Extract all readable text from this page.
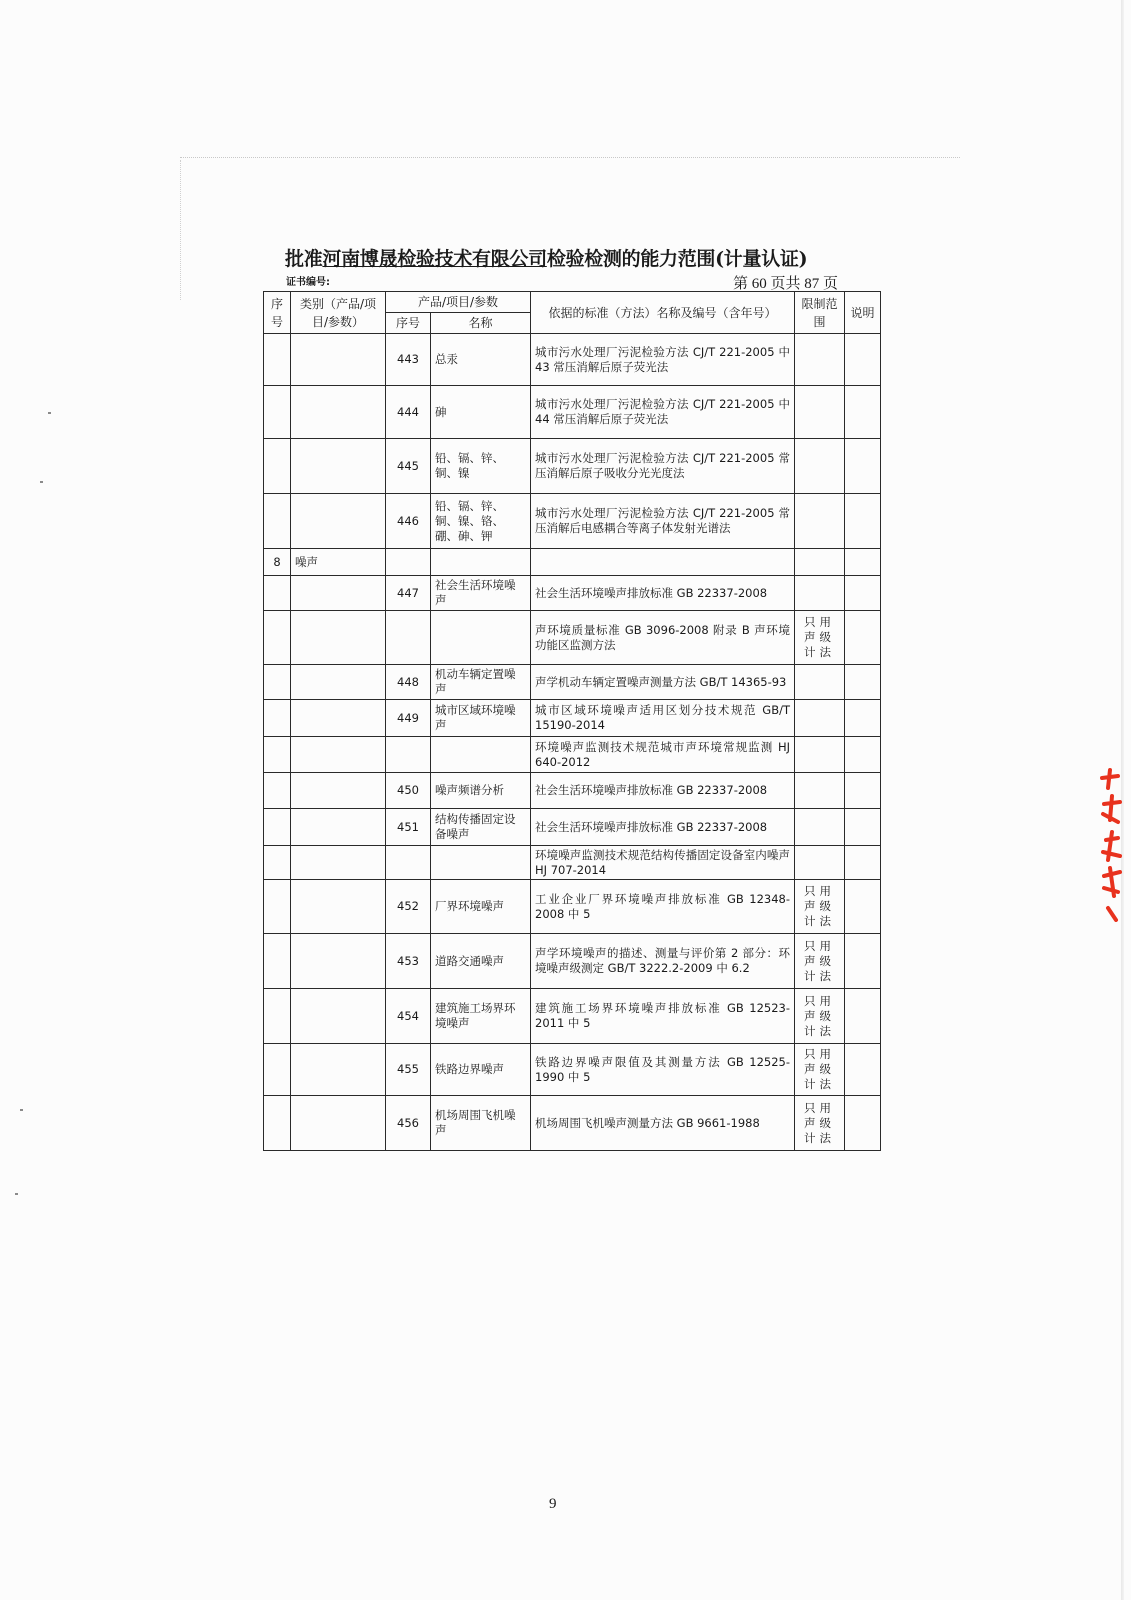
批准河南博晟检验技术有限公司检验检测的能力范围(计量认证)
证书编号:	第 60 页共 87 页
序号	类别（产品/项目/参数）	产品/项目/参数		依据的标准（方法）名称及编号（含年号）	限制范围	说明
		序号	名称			
		443	总汞	城市污水处理厂污泥检验方法 CJ/T 221-2005 中 43 常压消解后原子荧光法		
		444	砷	城市污水处理厂污泥检验方法 CJ/T 221-2005 中 44 常压消解后原子荧光法		
		445	铅、镉、锌、铜、镍	城市污水处理厂污泥检验方法 CJ/T 221-2005 常压消解后原子吸收分光光度法		
		446	铅、镉、锌、铜、镍、铬、硼、砷、钾	城市污水处理厂污泥检验方法 CJ/T 221-2005 常压消解后电感耦合等离子体发射光谱法		
8	噪声					
		447	社会生活环境噪声	社会生活环境噪声排放标准 GB 22337-2008		
				声环境质量标准 GB 3096-2008 附录 B 声环境功能区监测方法	只用声级计法	
		448	机动车辆定置噪声	声学机动车辆定置噪声测量方法 GB/T 14365-93		
		449	城市区域环境噪声	城市区域环境噪声适用区划分技术规范 GB/T 15190-2014		
				环境噪声监测技术规范城市声环境常规监测 HJ 640-2012		
		450	噪声频谱分析	社会生活环境噪声排放标准 GB 22337-2008		
		451	结构传播固定设备噪声	社会生活环境噪声排放标准 GB 22337-2008		
				环境噪声监测技术规范结构传播固定设备室内噪声 HJ 707-2014		
		452	厂界环境噪声	工业企业厂界环境噪声排放标准 GB 12348-2008 中 5	只用声级计法	
		453	道路交通噪声	声学环境噪声的描述、测量与评价第 2 部分：环境噪声级测定 GB/T 3222.2-2009 中 6.2	只用声级计法	
		454	建筑施工场界环境噪声	建筑施工场界环境噪声排放标准 GB 12523-2011 中 5	只用声级计法	
		455	铁路边界噪声	铁路边界噪声限值及其测量方法 GB 12525-1990 中 5	只用声级计法	
		456	机场周围飞机噪声	机场周围飞机噪声测量方法 GB 9661-1988	只用声级计法	
9
